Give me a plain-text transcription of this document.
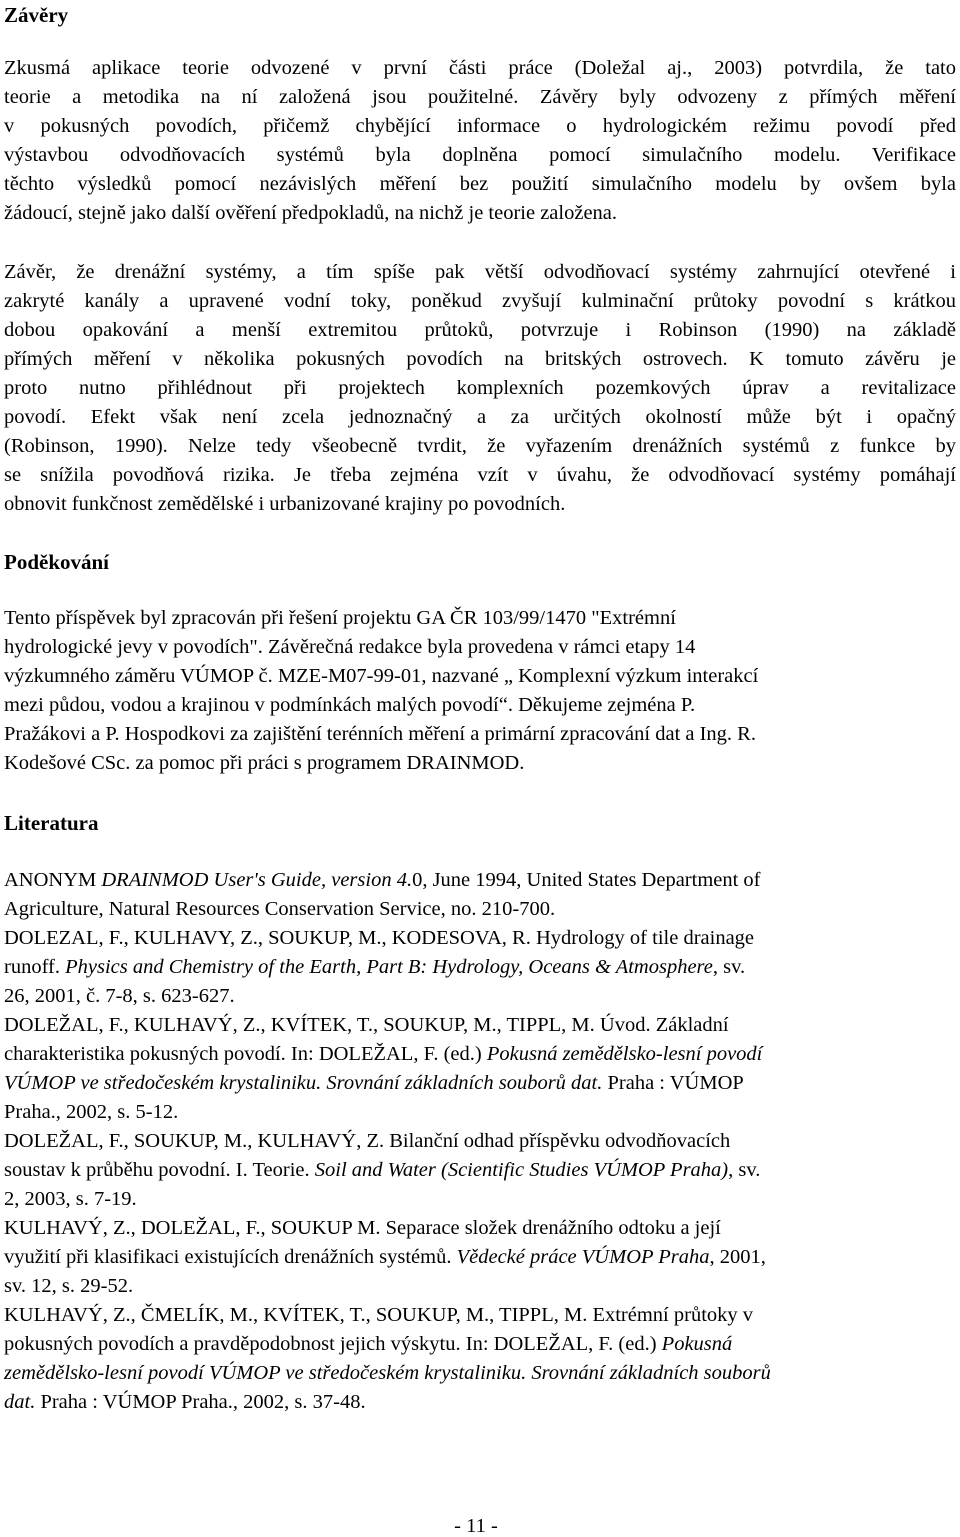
Závěry

Zkusmá aplikace teorie odvozené v první části práce (Doležal aj., 2003) potvrdila, že tato
teorie a metodika na ní založená jsou použitelné. Závěry byly odvozeny z přímých měření
v pokusných povodích, přičemž chybějící informace o hydrologickém režimu povodí před
výstavbou odvodňovacích systémů byla doplněna pomocí simulačního modelu. Verifikace
těchto výsledků pomocí nezávislých měření bez použití simulačního modelu by ovšem byla
žádoucí, stejně jako další ověření předpokladů, na nichž je teorie založena.

Závěr, že drenážní systémy, a tím spíše pak větší odvodňovací systémy zahrnující otevřené i
zakryté kanály a upravené vodní toky, poněkud zvyšují kulminační průtoky povodní s krátkou
dobou opakování a menší extremitou průtoků, potvrzuje i Robinson (1990) na základě
přímých měření v několika pokusných povodích na britských ostrovech. K tomuto závěru je
proto nutno přihlédnout při projektech komplexních pozemkových úprav a revitalizace
povodí. Efekt však není zcela jednoznačný a za určitých okolností může být i opačný
(Robinson, 1990). Nelze tedy všeobecně tvrdit, že vyřazením drenážních systémů z funkce by
se snížila povodňová rizika. Je třeba zejména vzít v úvahu, že odvodňovací systémy pomáhají
obnovit funkčnost zemědělské i urbanizované krajiny po povodních.

Poděkování

Tento příspěvek byl zpracován při řešení projektu GA ČR 103/99/1470 "Extrémní
hydrologické jevy v povodích". Závěrečná redakce byla provedena v rámci etapy 14
výzkumného záměru VÚMOP č. MZE-M07-99-01, nazvané „ Komplexní výzkum interakcí
mezi půdou, vodou a krajinou v podmínkách malých povodí“. Děkujeme zejména P.
Pražákovi a P. Hospodkovi za zajištění terénních měření a primární zpracování dat a Ing. R.
Kodešové CSc. za pomoc při práci s programem DRAINMOD.

Literatura
ANONYM DRAINMOD User's Guide, version 4.0, June 1994, United States Department of
Agriculture, Natural Resources Conservation Service, no. 210-700.
DOLEZAL, F., KULHAVY, Z., SOUKUP, M., KODESOVA, R. Hydrology of tile drainage
runoff. Physics and Chemistry of the Earth, Part B: Hydrology, Oceans & Atmosphere, sv.
26, 2001, č. 7-8, s. 623-627.
DOLEŽAL, F., KULHAVÝ, Z., KVÍTEK, T., SOUKUP, M., TIPPL, M. Úvod. Základní
charakteristika pokusných povodí. In: DOLEŽAL, F. (ed.) Pokusná zemědělsko-lesní povodí
VÚMOP ve středočeském krystaliniku. Srovnání základních souborů dat. Praha : VÚMOP
Praha., 2002, s. 5-12.
DOLEŽAL, F., SOUKUP, M., KULHAVÝ, Z. Bilanční odhad příspěvku odvodňovacích
soustav k průběhu povodní. I. Teorie. Soil and Water (Scientific Studies VÚMOP Praha), sv.
2, 2003, s. 7-19.
KULHAVÝ, Z., DOLEŽAL, F., SOUKUP M. Separace složek drenážního odtoku a její
využití při klasifikaci existujících drenážních systémů. Vědecké práce VÚMOP Praha, 2001,
sv. 12, s. 29-52.
KULHAVÝ, Z., ČMELÍK, M., KVÍTEK, T., SOUKUP, M., TIPPL, M. Extrémní průtoky v
pokusných povodích a pravděpodobnost jejich výskytu. In: DOLEŽAL, F. (ed.) Pokusná
zemědělsko-lesní povodí VÚMOP ve středočeském krystaliniku. Srovnání základních souborů
dat. Praha : VÚMOP Praha., 2002, s. 37-48.
- 11 -
